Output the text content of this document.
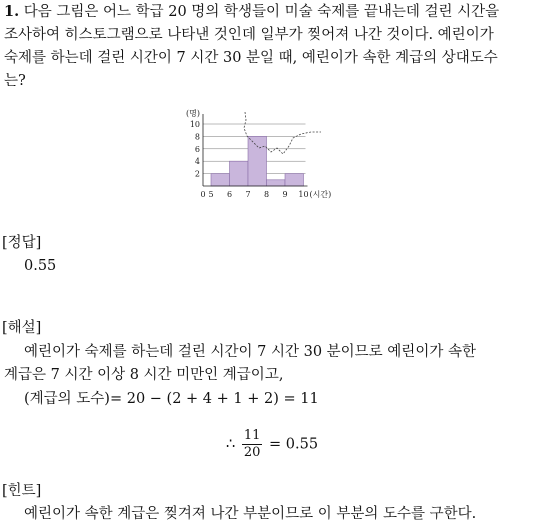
1. 다음 그림은 어느 학급 20 명의 학생들이 미술 숙제를 끝내는데 걸린 시간을
조사하여 히스토그램으로 나타낸 것인데 일부가 찢어져 나간 것이다. 예린이가
숙제를 하는데 걸린 시간이 7 시간 30 분일 때, 예린이가 속한 계급의 상대도수
는?
2
4
6
8
10
(명)
0 5 6 7 8 9 10 (시간)
[정답]
0.55
[해설]
예린이가 숙제를 하는데 걸린 시간이 7 시간 30 분이므로 예린이가 속한
계급은 7 시간 이상 8 시간 미만인 계급이고,
(계급의 도수)= 20 − (2 + 4 + 1 + 2) = 11
∴ $\frac{11}{20} = 0.55$
[힌트]
예린이가 속한 계급은 찢겨져 나간 부분이므로 이 부분의 도수를 구한다.
